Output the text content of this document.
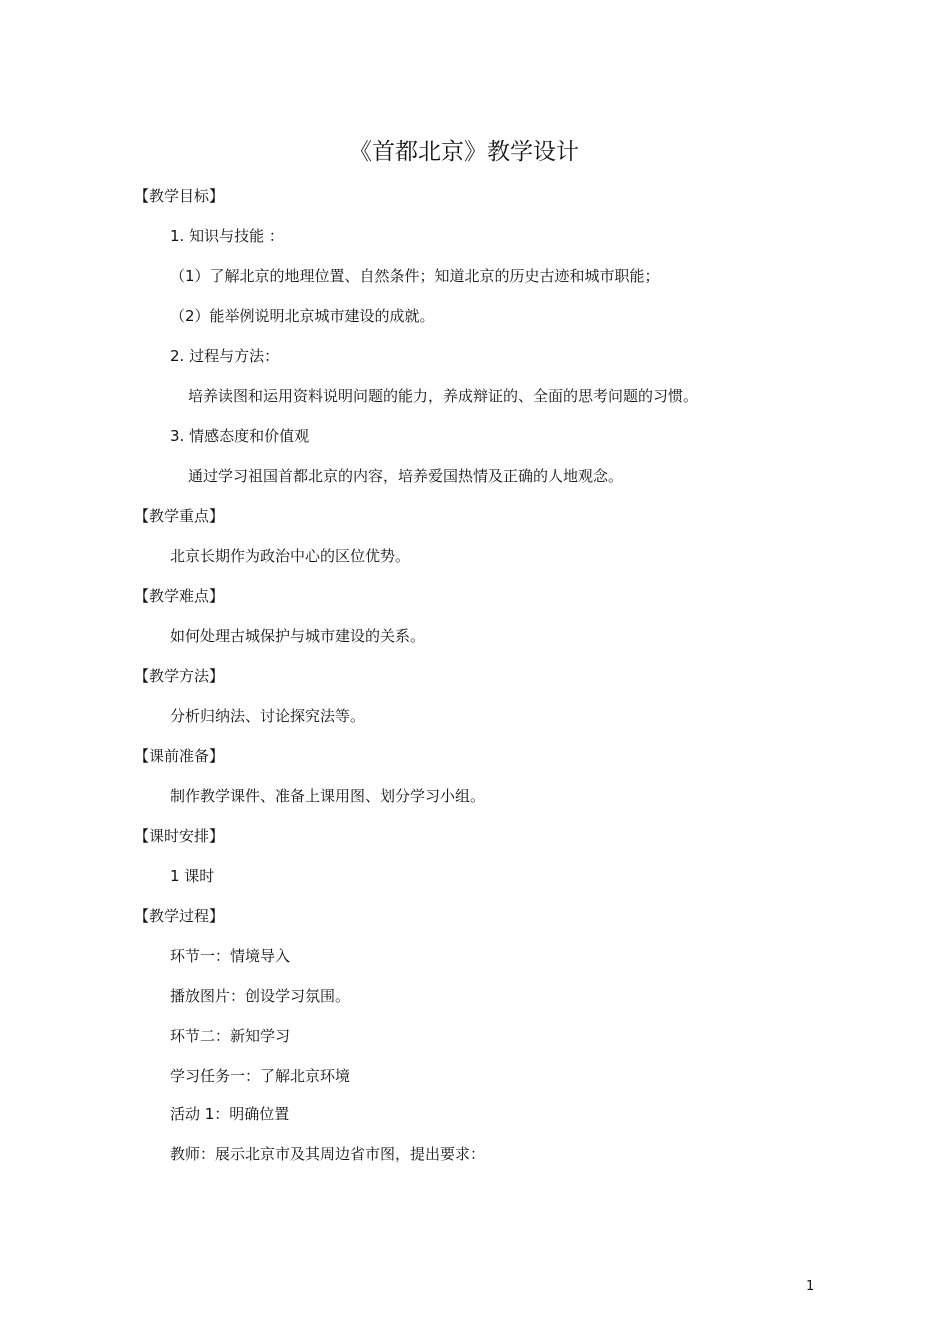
《首都北京》教学设计
【教学目标】
1. 知识与技能 ：
（1）了解北京的地理位置、自然条件；知道北京的历史古迹和城市职能；
（2）能举例说明北京城市建设的成就。
2. 过程与方法：
培养读图和运用资料说明问题的能力，养成辩证的、全面的思考问题的习惯。
3. 情感态度和价值观
通过学习祖国首都北京的内容，培养爱国热情及正确的人地观念。
【教学重点】
北京长期作为政治中心的区位优势。
【教学难点】
如何处理古城保护与城市建设的关系。
【教学方法】
分析归纳法、讨论探究法等。
【课前准备】
制作教学课件、准备上课用图、划分学习小组。
【课时安排】
1 课时
【教学过程】
环节一：情境导入
播放图片：创设学习氛围。
环节二：新知学习
学习任务一：了解北京环境
活动 1：明确位置
教师：展示北京市及其周边省市图，提出要求：
1
